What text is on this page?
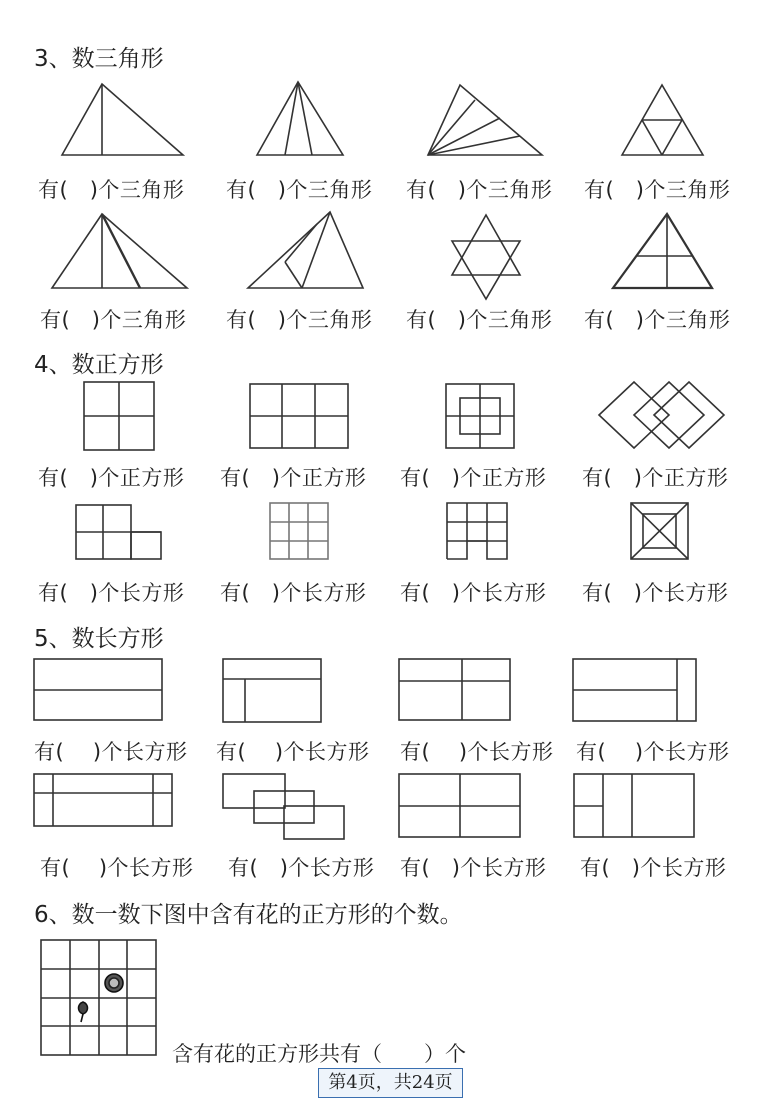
3、数三角形
有(　)个三角形 有(　)个三角形 有(　)个三角形 有(　)个三角形
有(　)个三角形 有(　)个三角形 有(　)个三角形 有(　)个三角形
4、数正方形
有(　)个正方形 有(　)个正方形 有(　)个正方形 有(　)个正方形
有(　)个长方形 有(　)个长方形 有(　)个长方形 有(　)个长方形
5、数长方形
有(　 )个长方形 有(　 )个长方形 有(　 )个长方形 有(　 )个长方形
有(　 )个长方形 有(　)个长方形 有(　)个长方形 有(　)个长方形
6、数一数下图中含有花的正方形的个数。
含有花的正方形共有（　　）个
第4页，共24页
